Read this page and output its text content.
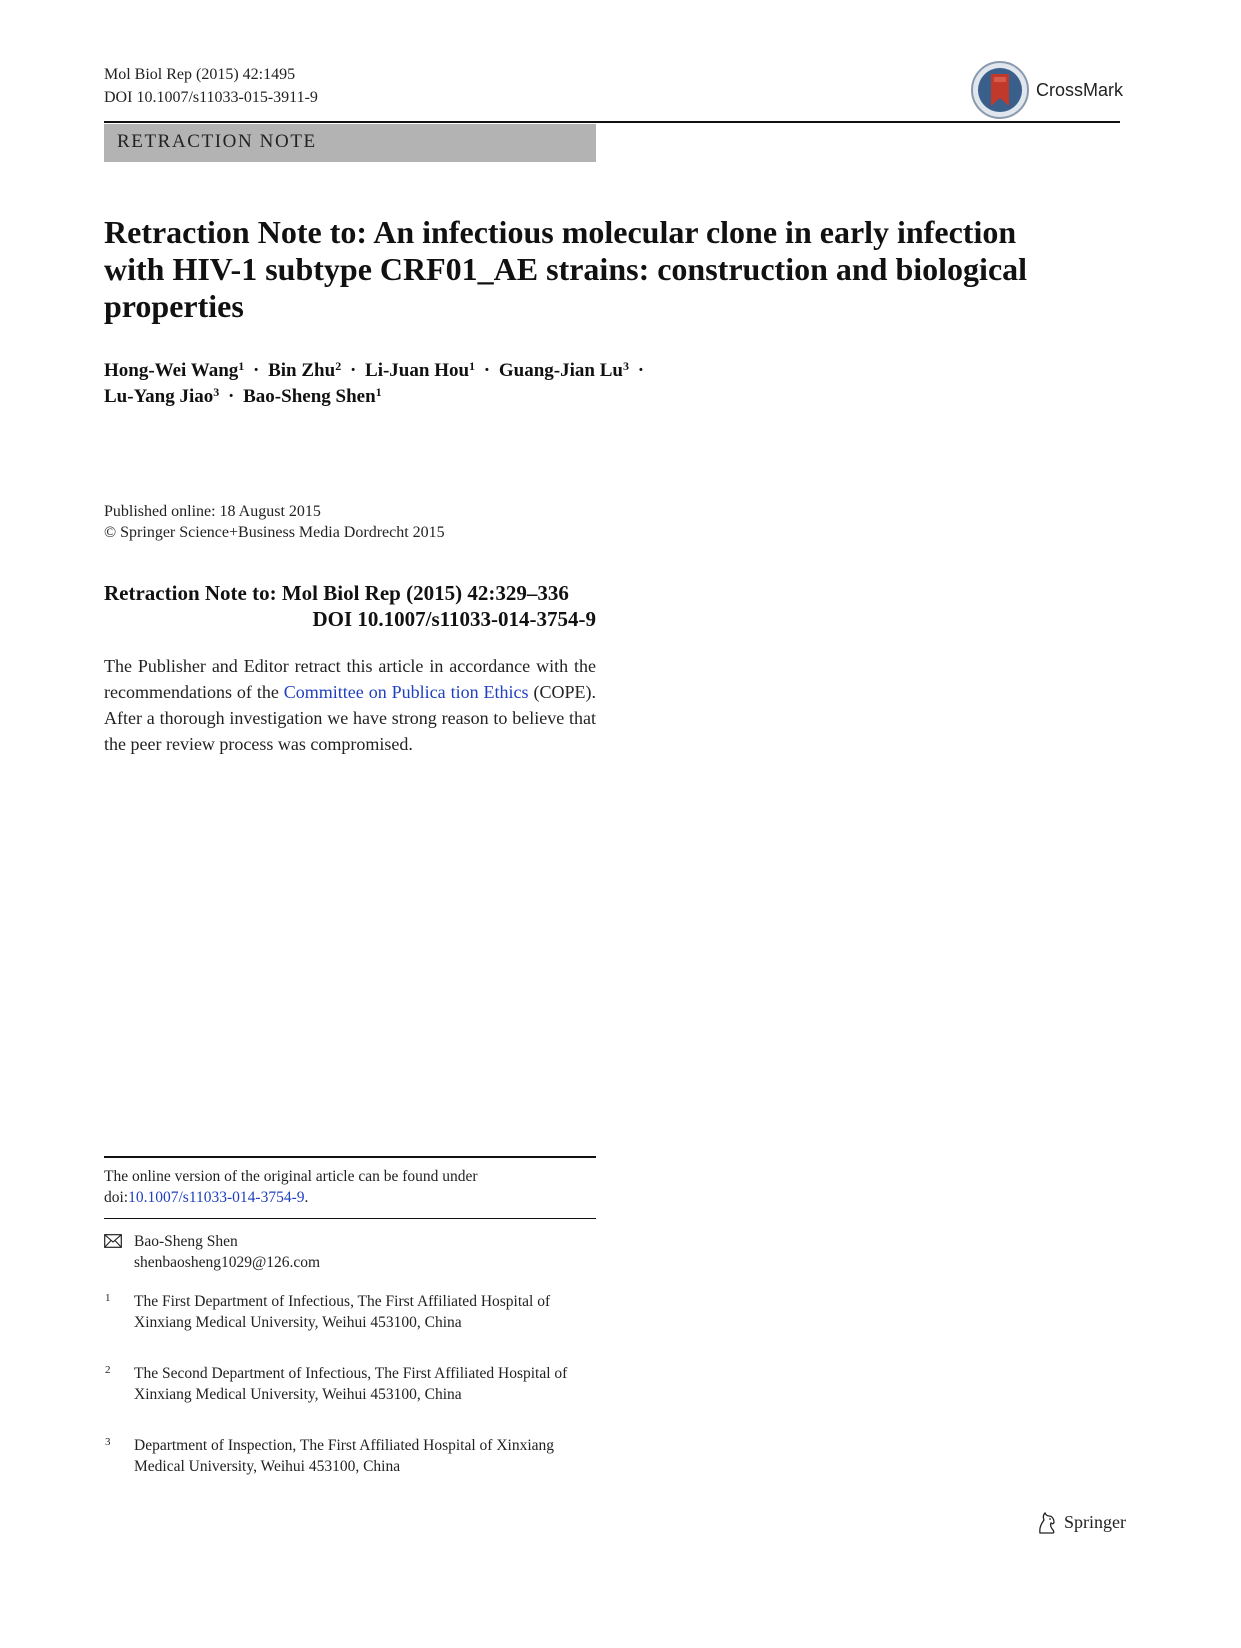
Mol Biol Rep (2015) 42:1495
DOI 10.1007/s11033-015-3911-9	CrossMark
RETRACTION NOTE
Retraction Note to: An infectious molecular clone in early infection with HIV-1 subtype CRF01_AE strains: construction and biological properties
Hong-Wei Wang$^1$ · Bin Zhu$^2$ · Li-Juan Hou$^1$ · Guang-Jian $Lu^3$ ·
Lu-Yang Jiao$^3$ · Bao-Sheng Shen$^1$
Published online: 18 August 2015
© Springer Science+Business Media Dordrecht 2015
Retraction Note to: Mol Biol Rep (2015) 42:329–336
DOI 10.1007/s11033-014-3754-9
The Publisher and Editor retract this article in accordance with the recommendations of the Committee on Publica tion Ethics (COPE). After a thorough investigation we have strong reason to believe that the peer review process was compromised.
The online version of the original article can be found under doi:10.1007/s11033-014-3754-9.
Bao-Sheng Shen
shenbaosheng1029@126.com
1 The First Department of Infectious, The First Affiliated Hospital of Xinxiang Medical University, Weihui 453100, China
2 The Second Department of Infectious, The First Affiliated Hospital of Xinxiang Medical University, Weihui 453100, China
3 Department of Inspection, The First Affiliated Hospital of Xinxiang Medical University, Weihui 453100, China
Springer
